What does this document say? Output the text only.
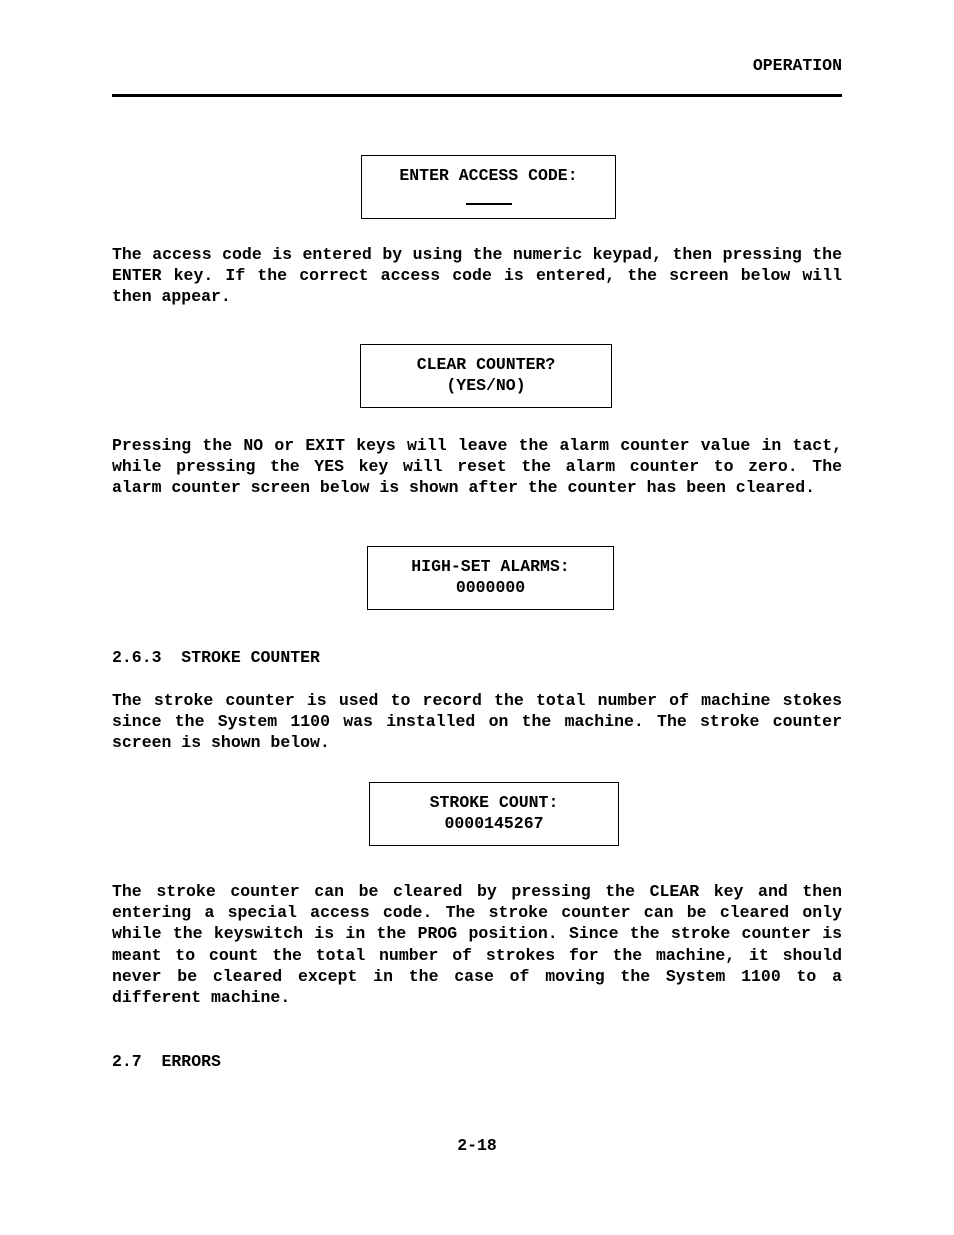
OPERATION
ENTER ACCESS CODE:
The access code is entered by using the numeric keypad, then pressing the ENTER key. If the correct access code is entered, the screen below will then appear.
CLEAR COUNTER?
(YES/NO)
Pressing the NO or EXIT keys will leave the alarm counter value in tact, while pressing the YES key will reset the alarm counter to zero. The alarm counter screen below is shown after the counter has been cleared.
HIGH-SET ALARMS:
0000000
2.6.3  STROKE COUNTER
The stroke counter is used to record the total number of machine stokes since the System 1100 was installed on the machine. The stroke counter screen is shown below.
STROKE COUNT:
0000145267
The stroke counter can be cleared by pressing the CLEAR key and then entering a special access code. The stroke counter can be cleared only while the keyswitch is in the PROG position. Since the stroke counter is meant to count the total number of strokes for the machine, it should never be cleared except in the case of moving the System 1100 to a different machine.
2.7  ERRORS
2-18
